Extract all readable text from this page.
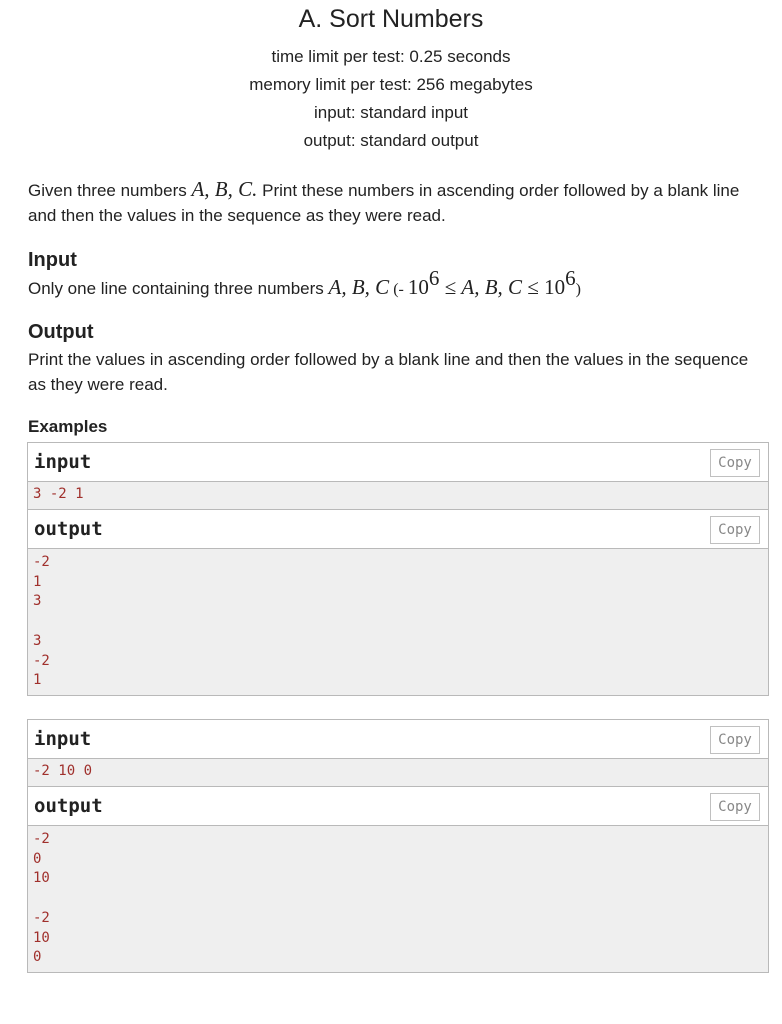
A. Sort Numbers
time limit per test: 0.25 seconds
memory limit per test: 256 megabytes
input: standard input
output: standard output
Given three numbers A, B, C. Print these numbers in ascending order followed by a blank line and then the values in the sequence as they were read.
Input
Only one line containing three numbers A, B, C (- $10^6 \le A$, B, $C \le 10^6$)
Output
Print the values in ascending order followed by a blank line and then the values in the sequence as they were read.
Examples
input	Copy
3 -2 1
output	Copy
-2
1
3

3
-2
1
input	Copy
-2 10 0
output	Copy
-2
0
10

-2
10
0
